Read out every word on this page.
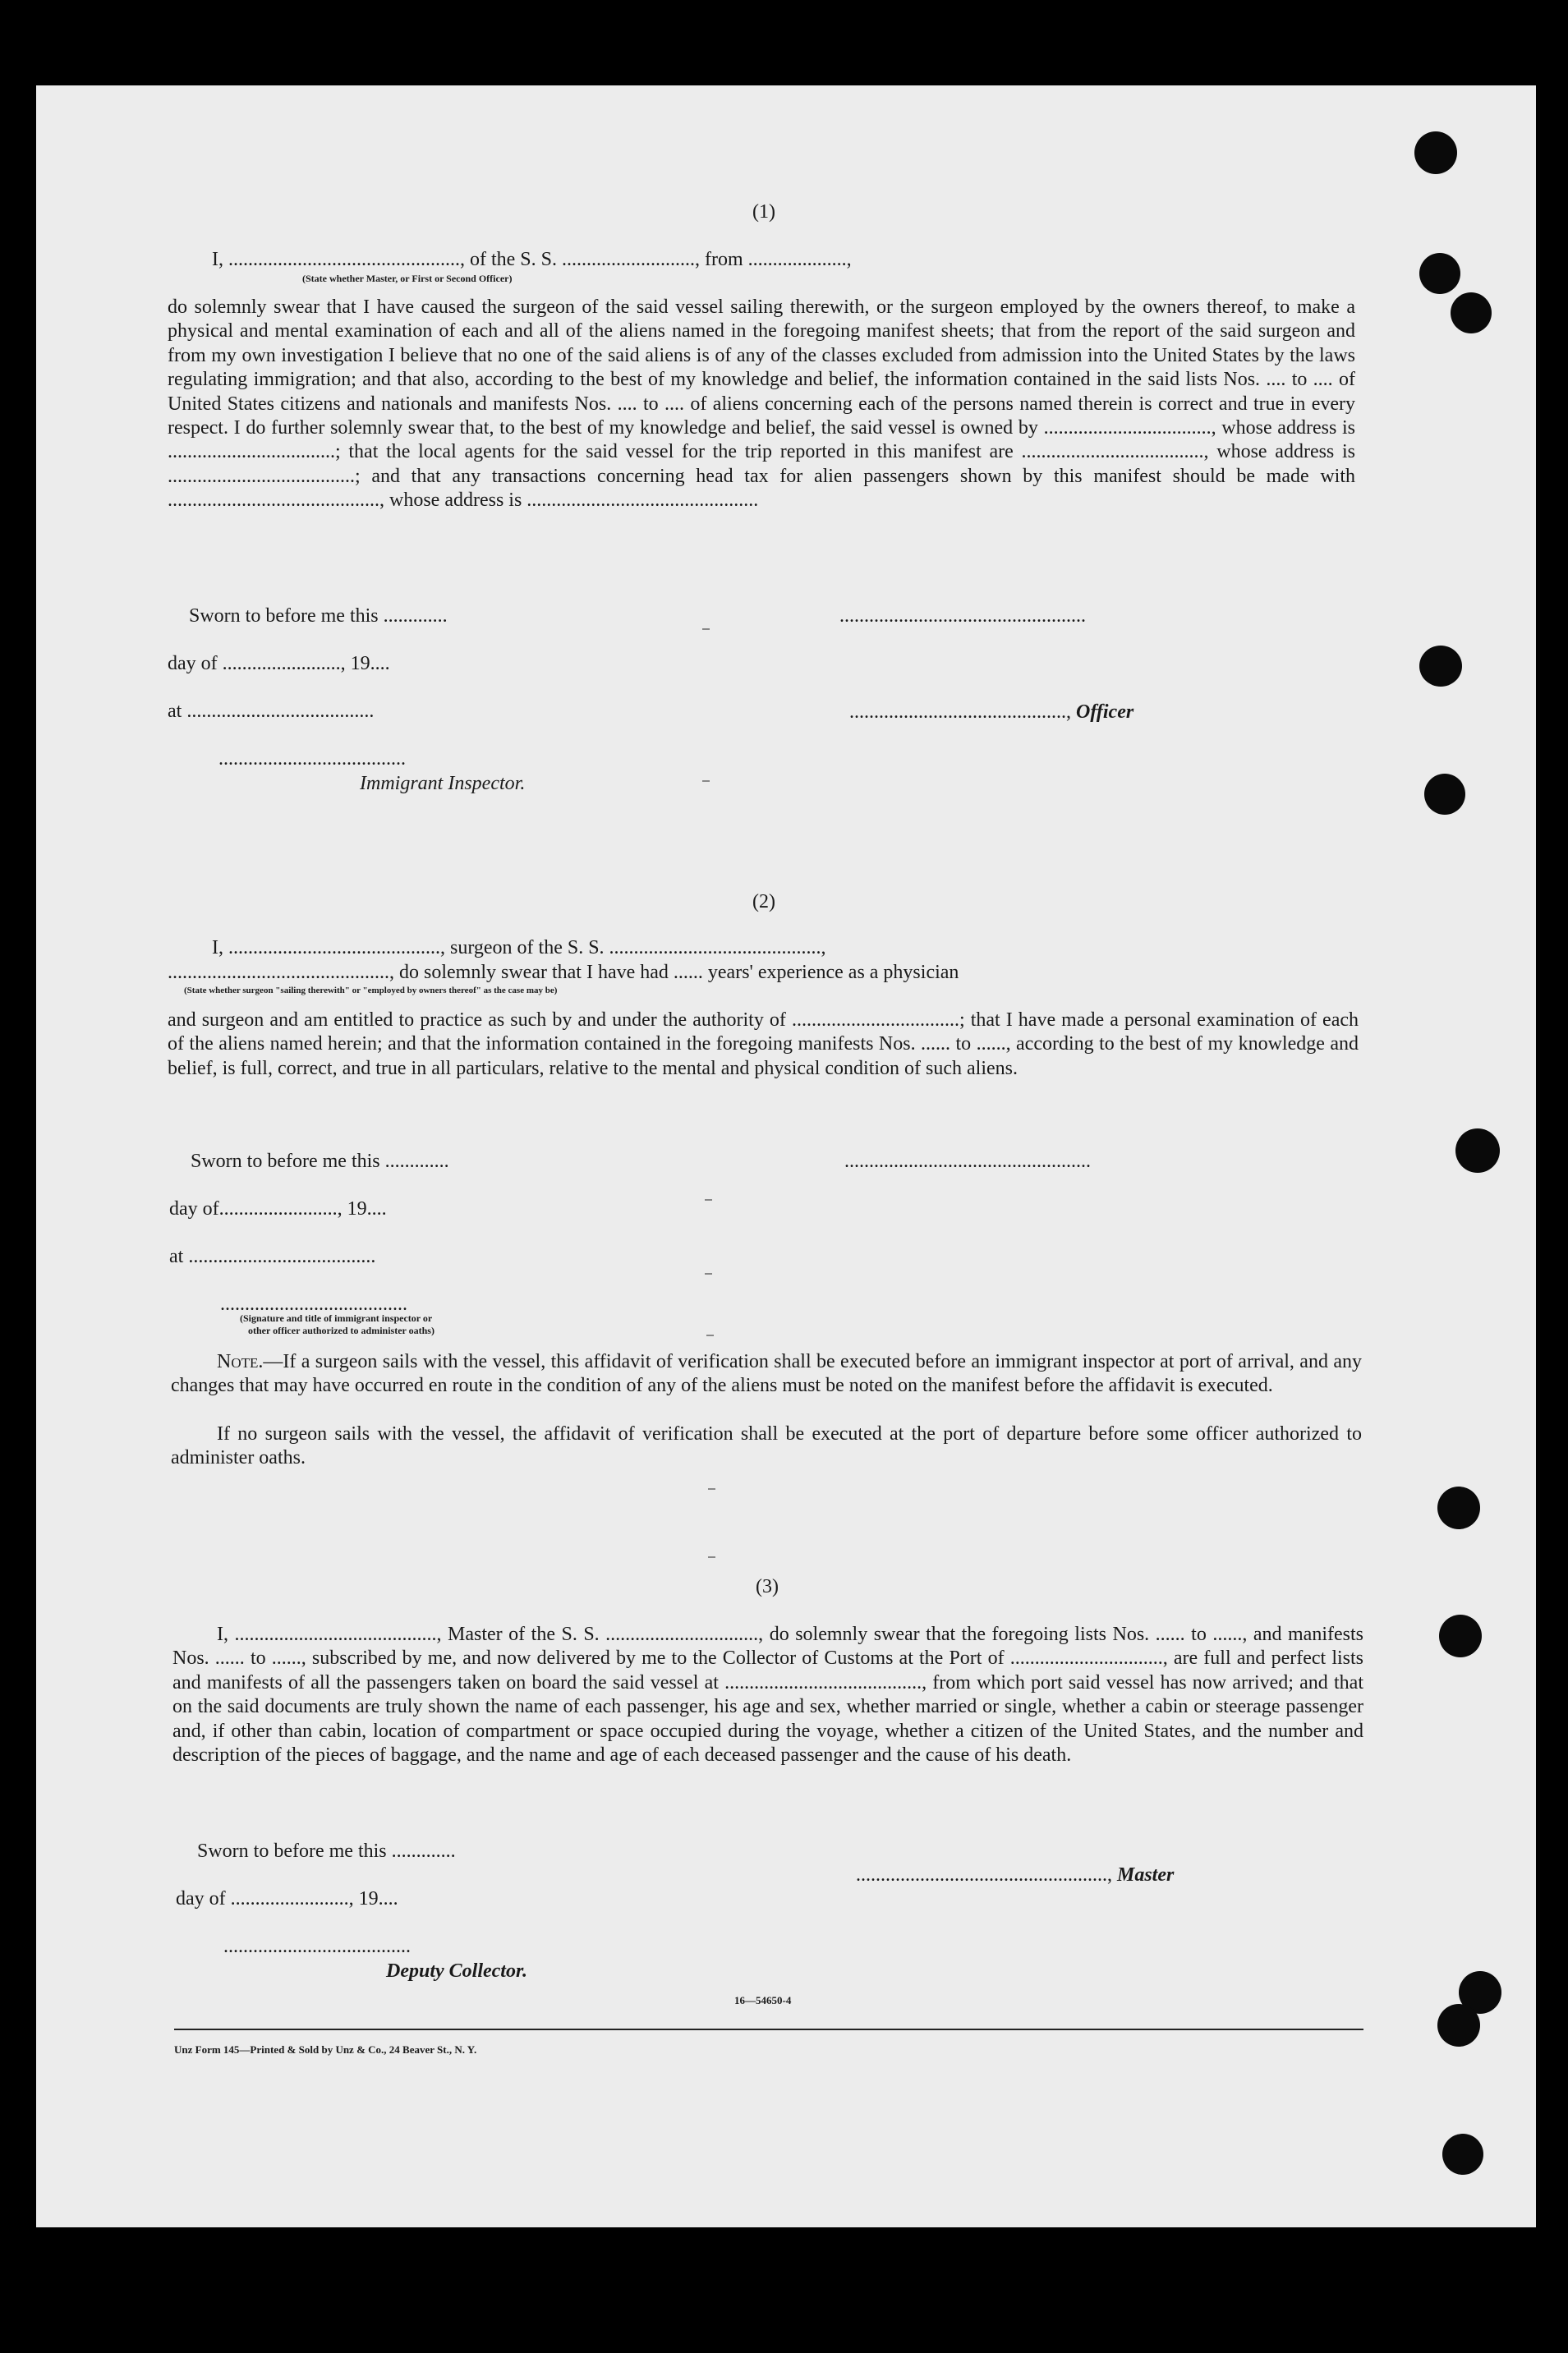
(1)
I, ..............................................., of the S. S. ..........................., from ....................,
(State whether Master, or First or Second Officer)
do solemnly swear that I have caused the surgeon of the said vessel sailing therewith, or the surgeon employed by the owners thereof, to make a physical and mental examination of each and all of the aliens named in the foregoing manifest sheets; that from the report of the said surgeon and from my own investigation I believe that no one of the said aliens is of any of the classes excluded from admission into the United States by the laws regulating immigration; and that also, according to the best of my knowledge and belief, the information contained in the said lists Nos. .... to .... of United States citizens and nationals and manifests Nos. .... to .... of aliens concerning each of the persons named therein is correct and true in every respect. I do further solemnly swear that, to the best of my knowledge and belief, the said vessel is owned by .................................., whose address is ..................................; that the local agents for the said vessel for the trip reported in this manifest are ....................................., whose address is ......................................; and that any transactions concerning head tax for alien passengers shown by this manifest should be made with ..........................................., whose address is ...............................................
Sworn to before me this .............
day of ........................, 19....
at ......................................
......................................
Immigrant Inspector.
..................................................

............................................, Officer

(2)
I, ..........................................., surgeon of the S. S. ...........................................,
............................................., do solemnly swear that I have had ...... years' experience as a physician
(State whether surgeon "sailing therewith" or "employed by owners thereof" as the case may be)
and surgeon and am entitled to practice as such by and under the authority of ..................................; that I have made a personal examination of each of the aliens named herein; and that the information contained in the foregoing manifests Nos. ...... to ......, according to the best of my knowledge and belief, is full, correct, and true in all particulars, relative to the mental and physical condition of such aliens.
Sworn to before me this .............
day of........................, 19....
at ......................................
......................................
(Signature and title of immigrant inspector or
other officer authorized to administer oaths)
..................................................
Note.—If a surgeon sails with the vessel, this affidavit of verification shall be executed before an immigrant inspector at port of arrival, and any changes that may have occurred en route in the condition of any of the aliens must be noted on the manifest before the affidavit is executed.
If no surgeon sails with the vessel, the affidavit of verification shall be executed at the port of departure before some officer authorized to administer oaths.
(3)
I, ........................................., Master of the S. S. ..............................., do solemnly swear that the foregoing lists Nos. ...... to ......, and manifests Nos. ...... to ......, subscribed by me, and now delivered by me to the Collector of Customs at the Port of ..............................., are full and perfect lists and manifests of all the passengers taken on board the said vessel at ........................................, from which port said vessel has now arrived; and that on the said documents are truly shown the name of each passenger, his age and sex, whether married or single, whether a cabin or steerage passenger and, if other than cabin, location of compartment or space occupied during the voyage, whether a citizen of the United States, and the number and description of the pieces of baggage, and the name and age of each deceased passenger and the cause of his death.
Sworn to before me this .............
day of ........................, 19....
......................................
Deputy Collector.

..................................................., Master

16—54650-4
Unz Form 145—Printed & Sold by Unz & Co., 24 Beaver St., N. Y.
